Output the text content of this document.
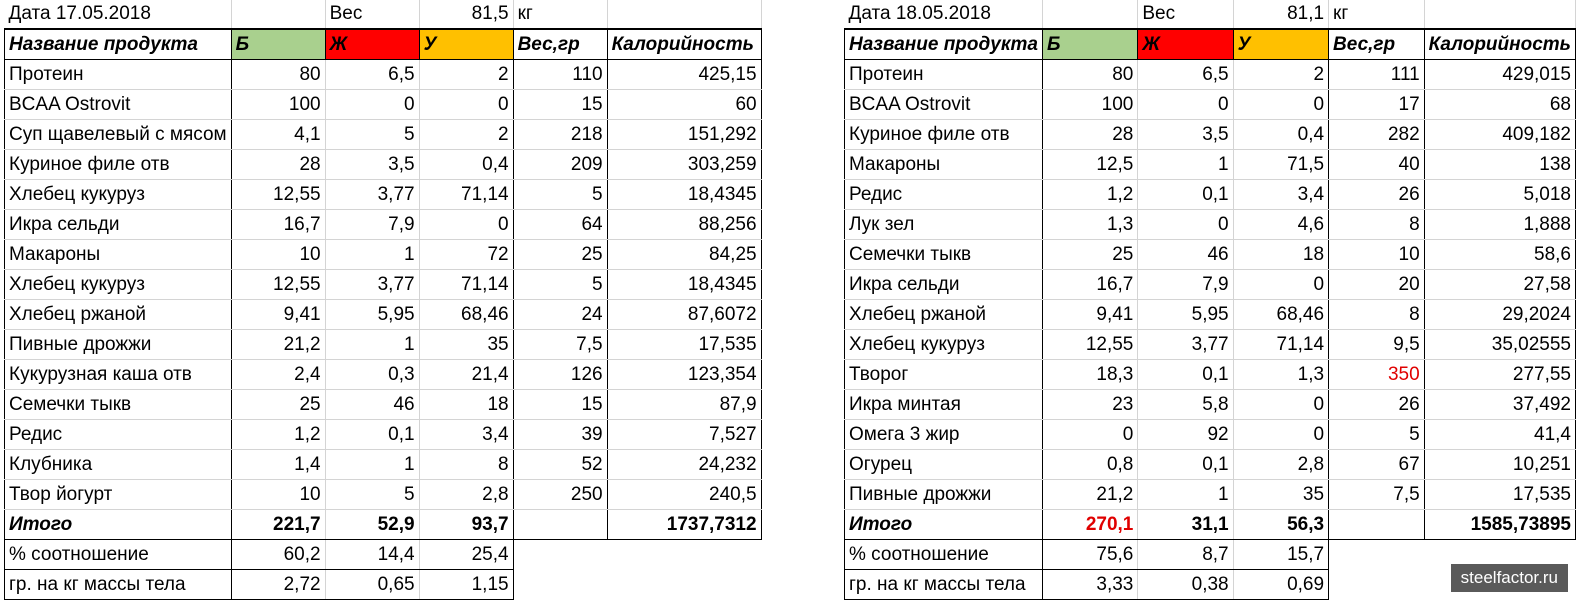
Дата 17.05.2018		Вес	81,5	кг	
Название продукта	Б	Ж	У	Вес,гр	Калорийность
Протеин	80	6,5	2	110	425,15
BCAA Ostrovit	100	0	0	15	60
Суп щавелевый с мясом	4,1	5	2	218	151,292
Куриное филе отв	28	3,5	0,4	209	303,259
Хлебец кукуруз	12,55	3,77	71,14	5	18,4345
Икра сельди	16,7	7,9	0	64	88,256
Макароны	10	1	72	25	84,25
Хлебец кукуруз	12,55	3,77	71,14	5	18,4345
Хлебец ржаной	9,41	5,95	68,46	24	87,6072
Пивные дрожжи	21,2	1	35	7,5	17,535
Кукурузная каша отв	2,4	0,3	21,4	126	123,354
Семечки тыкв	25	46	18	15	87,9
Редис	1,2	0,1	3,4	39	7,527
Клубника	1,4	1	8	52	24,232
Твор йогурт	10	5	2,8	250	240,5
Итого	221,7	52,9	93,7		1737,7312
% соотношение	60,2	14,4	25,4		
гр. на кг массы тела	2,72	0,65	1,15		
Дата 18.05.2018		Вес	81,1	кг	
Название продукта	Б	Ж	У	Вес,гр	Калорийность
Протеин	80	6,5	2	111	429,015
BCAA Ostrovit	100	0	0	17	68
Куриное филе отв	28	3,5	0,4	282	409,182
Макароны	12,5	1	71,5	40	138
Редис	1,2	0,1	3,4	26	5,018
Лук зел	1,3	0	4,6	8	1,888
Семечки тыкв	25	46	18	10	58,6
Икра сельди	16,7	7,9	0	20	27,58
Хлебец ржаной	9,41	5,95	68,46	8	29,2024
Хлебец кукуруз	12,55	3,77	71,14	9,5	35,02555
Творог	18,3	0,1	1,3	350	277,55
Икра минтая	23	5,8	0	26	37,492
Омега 3 жир	0	92	0	5	41,4
Огурец	0,8	0,1	2,8	67	10,251
Пивные дрожжи	21,2	1	35	7,5	17,535
Итого	270,1	31,1	56,3		1585,73895
% соотношение	75,6	8,7	15,7		
гр. на кг массы тела	3,33	0,38	0,69			steelfactor.ru
